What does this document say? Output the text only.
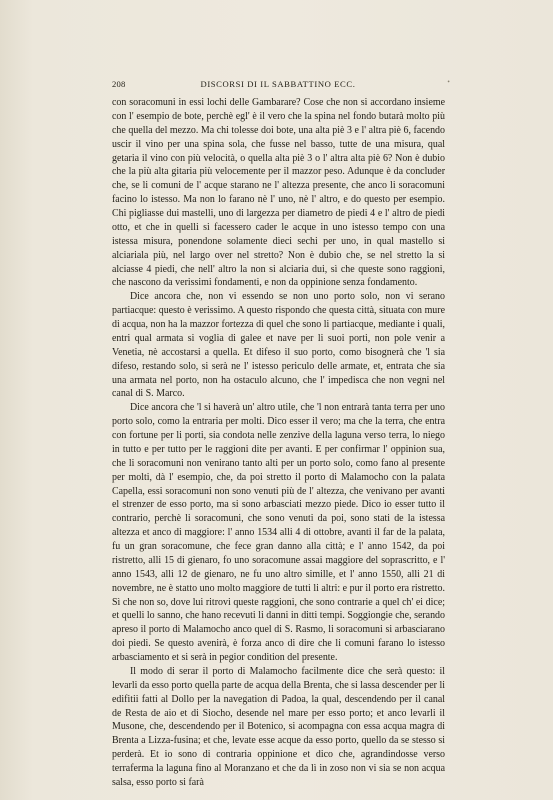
208	DISCORSI DI IL SABBATTINO ECC.	•

con soracomuni in essi lochi delle Gambarare? Cose che non si accordano insieme con l' esempio de bote, perchè egl' è il vero che la spina nel fondo butarà molto più che quella del mezzo. Ma chi tolesse doi bote, una alta piè 3 e l' altra piè 6, facendo uscir il vino per una spina sola, che fusse nel basso, tutte de una misura, qual getaria il vino con più velocità, o quella alta piè 3 o l' altra alta piè 6? Non è dubio che la più alta gitaria più velocemente per il mazzor peso. Adunque è da concluder che, se li comuni de l' acque starano ne l' altezza presente, che anco li soracomuni facino lo istesso. Ma non lo farano nè l' uno, nè l' altro, e do questo per esempio. Chi pigliasse dui mastelli, uno di largezza per diametro de piedi 4 e l' altro de piedi otto, et che in quelli si facessero cader le acque in uno istesso tempo con una istessa misura, ponendone solamente dieci sechi per uno, in qual mastello si alciariala più, nel largo over nel stretto? Non è dubio che, se nel stretto la si alciasse 4 piedi, che nell' altro la non si alciaria dui, sì che queste sono raggioni, che nascono da verissimi fondamenti, e non da oppinione senza fondamento.

Dice ancora che, non vi essendo se non uno porto solo, non vi serano partiacque: questo è verissimo. A questo rispondo che questa città, situata con mure di acqua, non ha la mazzor fortezza di quel che sono li partiacque, mediante i quali, entri qual armata si voglia di galee et nave per li suoi porti, non pole venir a Venetia, nè accostarsi a quella. Et difeso il suo porto, como bisognerà che 'l sia difeso, restando solo, si serà ne l' istesso periculo delle armate, et, entrata che sia una armata nel porto, non ha ostaculo alcuno, che l' impedisca che non vegni nel canal di S. Marco.

Dice ancora che 'l si haverà un' altro utile, che 'l non entrarà tanta terra per uno porto solo, como la entraria per molti. Dico esser il vero; ma che la terra, che entra con fortune per li porti, sia condota nelle zenzive della laguna verso terra, lo niego in tutto e per tutto per le raggioni dite per avanti. E per confirmar l' oppinion sua, che li soracomuni non venirano tanto alti per un porto solo, como fano al presente per molti, dà l' esempio, che, da poi stretto il porto di Malamocho con la palata Capella, essi soracomuni non sono venuti più de l' altezza, che venivano per avanti el strenzer de esso porto, ma si sono arbasciati mezzo piede. Dico io esser tutto il contrario, perchè li soracomuni, che sono venuti da poi, sono stati de la istessa altezza et anco di maggiore: l' anno 1534 alli 4 di ottobre, avanti il far de la palata, fu un gran soracomune, che fece gran danno alla città; e l' anno 1542, da poi ristretto, alli 15 di gienaro, fo uno soracomune assai maggiore del soprascritto, e l' anno 1543, alli 12 de gienaro, ne fu uno altro simille, et l' anno 1550, alli 21 di novembre, ne è statto uno molto maggiore de tutti li altri: e pur il porto era ristretto. Sì che non so, dove lui ritrovi queste raggioni, che sono contrarie a quel ch' ei dice; et quelli lo sanno, che hano recevuti li danni in ditti tempi. Soggiongie che, serando apreso il porto di Malamocho anco quel di S. Rasmo, li soracomuni si arbasciarano doi piedi. Se questo avenirà, è forza anco di dire che li comuni farano lo istesso arbasciamento et si serà in pegior condition del presente.

Il modo di serar il porto di Malamocho facilmente dice che serà questo: il levarli da esso porto quella parte de acqua della Brenta, che si lassa descender per li edifitii fatti al Dollo per la navegation di Padoa, la qual, descendendo per il canal de Resta de aio et di Siocho, desende nel mare per esso porto; et anco levarli il Musone, che, descendendo per il Botenico, si acompagna con essa acqua magra di Brenta a Lizza-fusina; et che, levate esse acque da esso porto, quello da se stesso si perderà. Et io sono di contraria oppinione et dico che, agrandindosse verso terraferma la laguna fino al Moranzano et che da lì in zoso non vi sia se non acqua salsa, esso porto si farà
